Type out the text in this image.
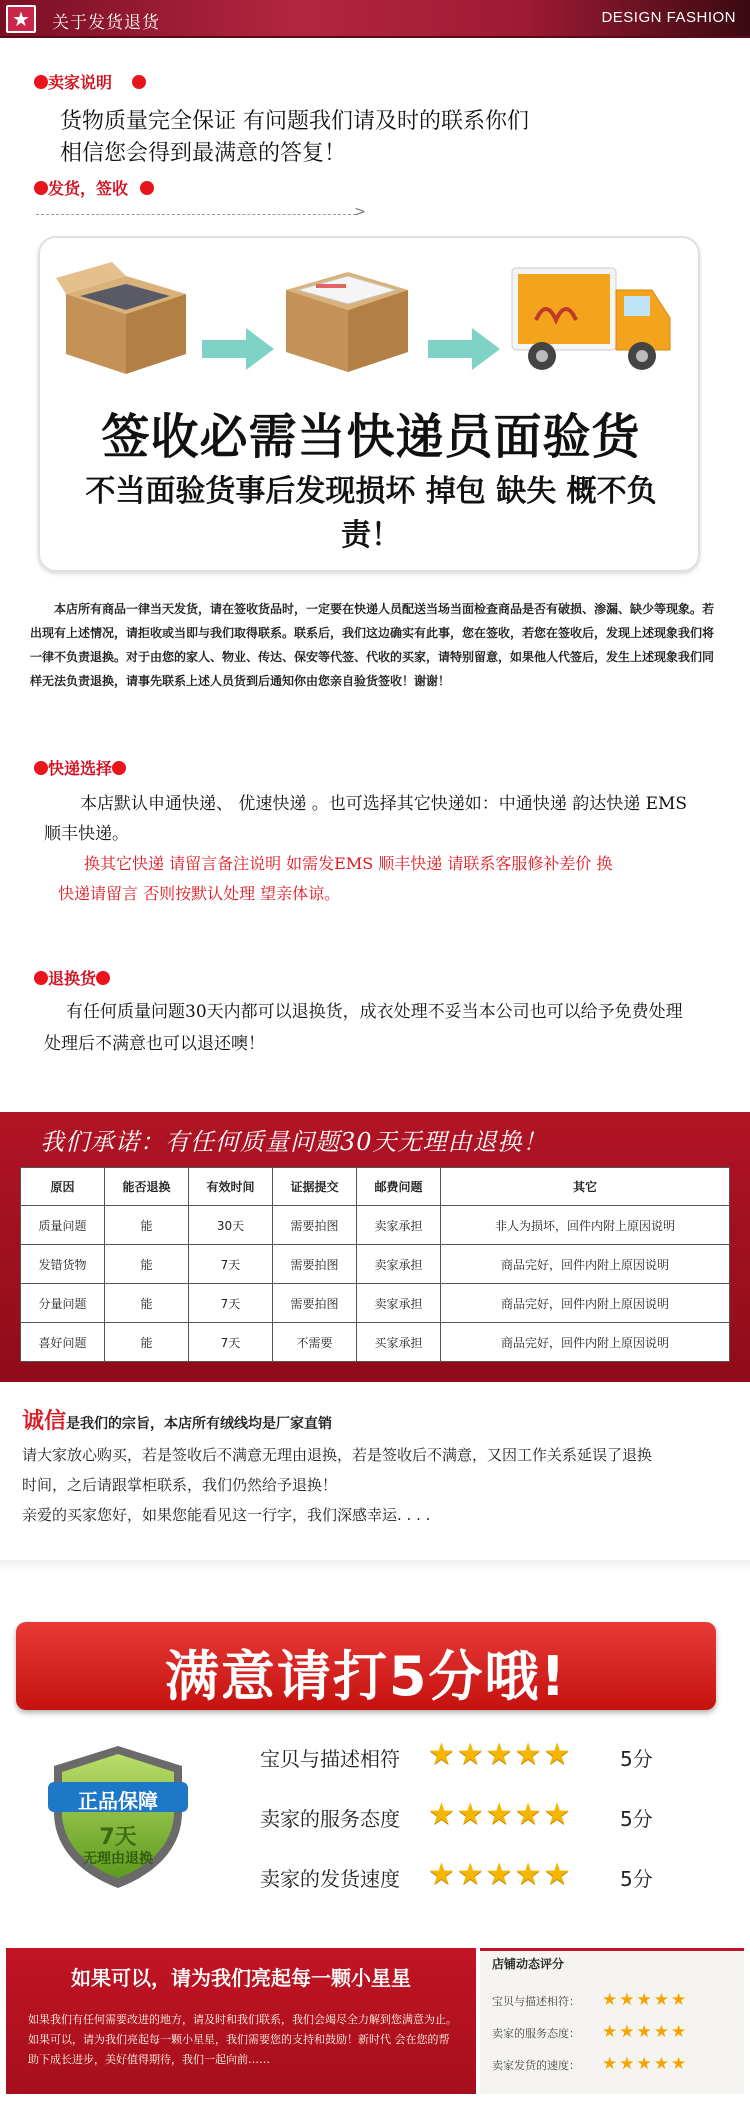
★	关于发货退货	DESIGN FASHION
卖家说明
货物质量完全保证 有问题我们请及时的联系你们
相信您会得到最满意的答复！
发货，签收
>
签收必需当快递员面验货
不当面验货事后发现损坏 掉包 缺失 概不负责！
本店所有商品一律当天发货，请在签收货品时，一定要在快递人员配送当场当面检查商品是否有破损、渗漏、缺少等现象。若出现有上述情况，请拒收或当即与我们取得联系。联系后，我们这边确实有此事，您在签收，若您在签收后，发现上述现象我们将一律不负责退换。对于由您的家人、物业、传达、保安等代签、代收的买家，请特别留意，如果他人代签后，发生上述现象我们同样无法负责退换，请事先联系上述人员货到后通知你由您亲自验货签收！谢谢！
快递选择
本店默认申通快递、 优速快递 。也可选择其它快递如：中通快递 韵达快递 EMS
顺丰快递。
换其它快递 请留言备注说明 如需发EMS 顺丰快递 请联系客服修补差价 换
快递请留言 否则按默认处理 望亲体谅。
退换货
有任何质量问题30天内都可以退换货，成衣处理不妥当本公司也可以给予免费处理
处理后不满意也可以退还噢！
我们承诺：有任何质量问题30天无理由退换！
原因	能否退换	有效时间	证据提交	邮费问题	其它
质量问题	能	30天	需要拍图	卖家承担	非人为损坏，回件内附上原因说明
发错货物	能	7天	需要拍图	卖家承担	商品完好，回件内附上原因说明
分量问题	能	7天	需要拍图	卖家承担	商品完好，回件内附上原因说明
喜好问题	能	7天	不需要	买家承担	商品完好，回件内附上原因说明
诚信是我们的宗旨，本店所有绒线均是厂家直销
请大家放心购买，若是签收后不满意无理由退换，若是签收后不满意，又因工作关系延误了退换
时间，之后请跟掌柜联系，我们仍然给予退换！
亲爱的买家您好，如果您能看见这一行字，我们深感幸运. . . .
满意请打5分哦!
正品保障
7天
无理由退换
宝贝与描述相符 ★★★★★ 5分
卖家的服务态度 ★★★★★ 5分
卖家的发货速度 ★★★★★ 5分
如果可以，请为我们亮起每一颗小星星
如果我们有任何需要改进的地方，请及时和我们联系，我们会竭尽全力解到您满意为止。如果可以，请为我们亮起每一颗小星星，我们需要您的支持和鼓励！新时代 会在您的帮助下成长进步，美好值得期待，我们一起向前……
店铺动态评分
宝贝与描述相符： ★★★★★
卖家的服务态度： ★★★★★
卖家发货的速度： ★★★★★
